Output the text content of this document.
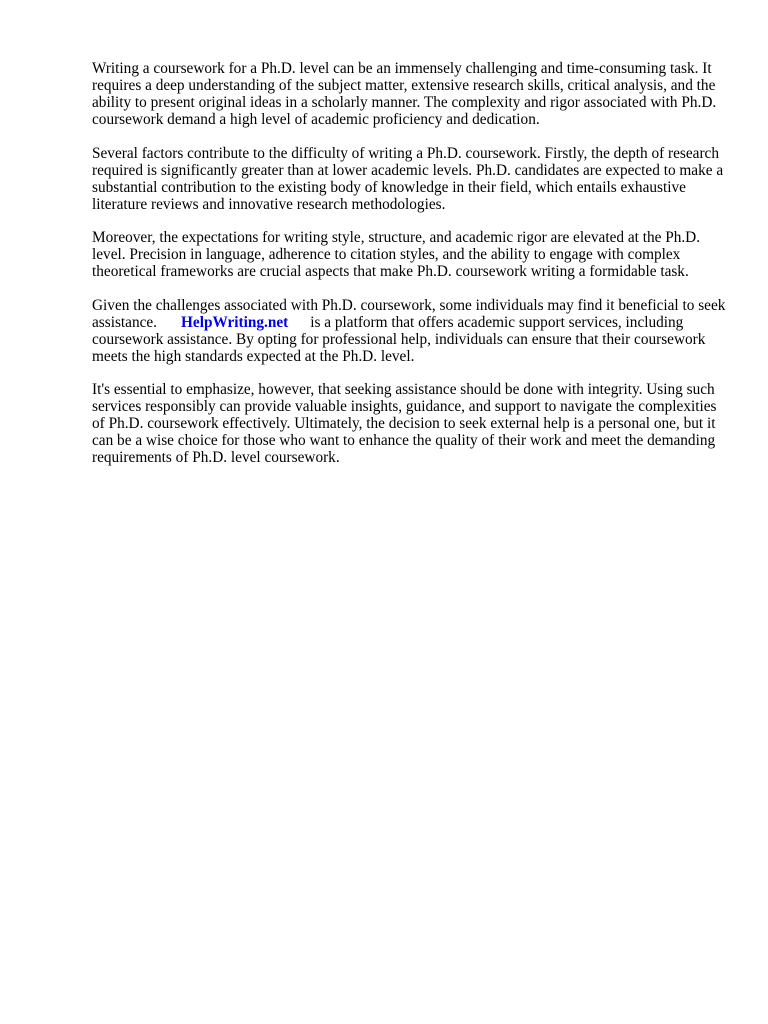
Writing a coursework for a Ph.D. level can be an immensely challenging and time-consuming task. It requires a deep understanding of the subject matter, extensive research skills, critical analysis, and the ability to present original ideas in a scholarly manner. The complexity and rigor associated with Ph.D. coursework demand a high level of academic proficiency and dedication.

Several factors contribute to the difficulty of writing a Ph.D. coursework. Firstly, the depth of research required is significantly greater than at lower academic levels. Ph.D. candidates are expected to make a substantial contribution to the existing body of knowledge in their field, which entails exhaustive literature reviews and innovative research methodologies.

Moreover, the expectations for writing style, structure, and academic rigor are elevated at the Ph.D. level. Precision in language, adherence to citation styles, and the ability to engage with complex theoretical frameworks are crucial aspects that make Ph.D. coursework writing a formidable task.

Given the challenges associated with Ph.D. coursework, some individuals may find it beneficial to seek assistance. HelpWriting.net is a platform that offers academic support services, including coursework assistance. By opting for professional help, individuals can ensure that their coursework meets the high standards expected at the Ph.D. level.

It's essential to emphasize, however, that seeking assistance should be done with integrity. Using such services responsibly can provide valuable insights, guidance, and support to navigate the complexities of Ph.D. coursework effectively. Ultimately, the decision to seek external help is a personal one, but it can be a wise choice for those who want to enhance the quality of their work and meet the demanding requirements of Ph.D. level coursework.
